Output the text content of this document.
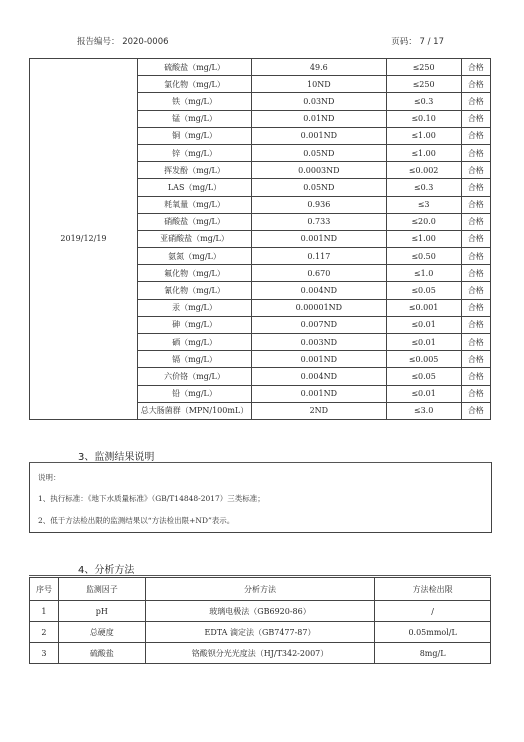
报告编号： 2020-0006	页码： 7 / 17
2019/12/19	硫酸盐（mg/L）	49.6	≤250	合格
	氯化物（mg/L）	10ND	≤250	合格
	铁（mg/L）	0.03ND	≤0.3	合格
	锰（mg/L）	0.01ND	≤0.10	合格
	铜（mg/L）	0.001ND	≤1.00	合格
	锌（mg/L）	0.05ND	≤1.00	合格
	挥发酚（mg/L）	0.0003ND	≤0.002	合格
	LAS（mg/L）	0.05ND	≤0.3	合格
	耗氧量（mg/L）	0.936	≤3	合格
	硝酸盐（mg/L）	0.733	≤20.0	合格
	亚硝酸盐（mg/L）	0.001ND	≤1.00	合格
	氨氮（mg/L）	0.117	≤0.50	合格
	氟化物（mg/L）	0.670	≤1.0	合格
	氰化物（mg/L）	0.004ND	≤0.05	合格
	汞（mg/L）	0.00001ND	≤0.001	合格
	砷（mg/L）	0.007ND	≤0.01	合格
	硒（mg/L）	0.003ND	≤0.01	合格
	镉（mg/L）	0.001ND	≤0.005	合格
	六价铬（mg/L）	0.004ND	≤0.05	合格
	铅（mg/L）	0.001ND	≤0.01	合格
	总大肠菌群（MPN/100mL）	2ND	≤3.0	合格
3、监测结果说明
说明：
1、执行标准：《地下水质量标准》（GB/T14848-2017）三类标准；
2、低于方法检出限的监测结果以“方法检出限+ND”表示。
4、分析方法
序号	监测因子	分析方法	方法检出限
1	pH	玻璃电极法（GB6920-86）	/
2	总硬度	EDTA 滴定法（GB7477-87）	0.05mmol/L
3	硫酸盐	铬酸钡分光光度法（HJ/T342-2007）	8mg/L
